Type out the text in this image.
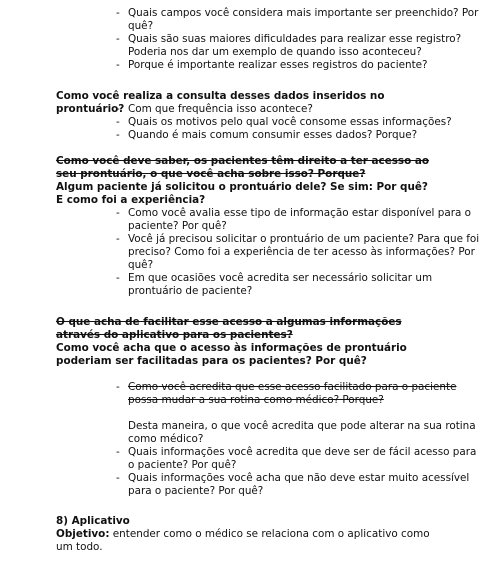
- Quais campos você considera mais importante ser preenchido? Por quê?
- Quais são suas maiores dificuldades para realizar esse registro? Poderia nos dar um exemplo de quando isso aconteceu?
- Porque é importante realizar esses registros do paciente?

Como você realiza a consulta desses dados inseridos no prontuário?

- Com que frequência isso acontece?
- Quais os motivos pelo qual você consome essas informações?
- Quando é mais comum consumir esses dados? Porque?

Como você deve saber, os pacientes têm direito a ter acesso ao seu prontuário, o que você acha sobre isso? Porque?

Algum paciente já solicitou o prontuário dele? Se sim: Por quê? E como foi a experiência?

- Como você avalia esse tipo de informação estar disponível para o paciente? Por quê?
- Você já precisou solicitar o prontuário de um paciente? Para que foi preciso? Como foi a experiência de ter acesso às informações? Por quê?
- Em que ocasiões você acredita ser necessário solicitar um prontuário de paciente?

O que acha de facilitar esse acesso a algumas informações através do aplicativo para os pacientes?

Como você acha que o acesso às informações de prontuário poderiam ser facilitadas para os pacientes? Por quê?

- Como você acredita que esse acesso facilitado para o paciente possa mudar a sua rotina como médico? Porque?
Desta maneira, o que você acredita que pode alterar na sua rotina como médico?
- Quais informações você acredita que deve ser de fácil acesso para o paciente? Por quê?
- Quais informações você acha que não deve estar muito acessível para o paciente? Por quê?

8) Aplicativo

Objetivo: entender como o médico se relaciona com o aplicativo como um todo.
